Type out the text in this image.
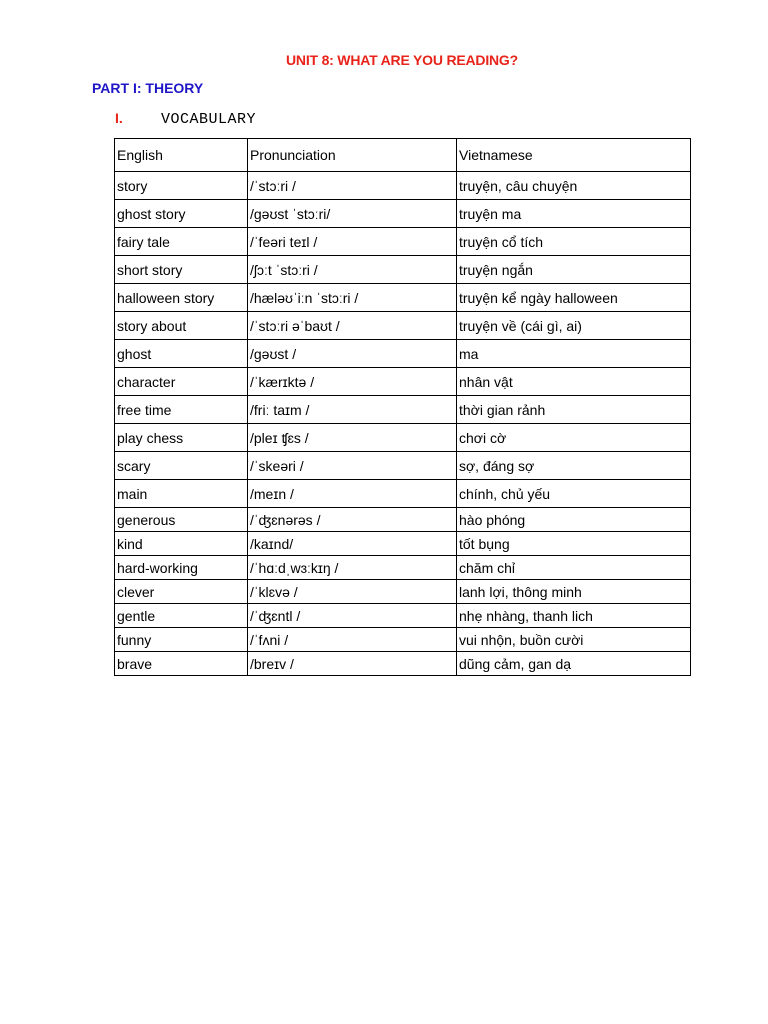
UNIT 8: WHAT ARE YOU READING?
PART I: THEORY
I.	VOCABULARY
English	Pronunciation	Vietnamese
story	/ˈstɔːri /	truyện, câu chuyện
ghost story	/gəʊst ˈstɔːri/	truyện ma
fairy tale	/ˈfeəri teɪl /	truyện cổ tích
short story	/ʃɔːt ˈstɔːri /	truyện ngắn
halloween story	/hæləʊˈiːn ˈstɔːri /	truyện kể ngày halloween
story about	/ˈstɔːri əˈbaʊt /	truyện về (cái gì, ai)
ghost	/gəʊst /	ma
character	/ˈkærɪktə /	nhân vật
free time	/friː taɪm /	thời gian rảnh
play chess	/pleɪ ʧɛs /	chơi cờ
scary	/ˈskeəri /	sợ, đáng sợ
main	/meɪn /	chính, chủ yếu
generous	/ˈʤɛnərəs /	hào phóng
kind	/kaɪnd/	tốt bụng
hard-working	/ˈhɑːdˌwɜːkɪŋ /	chăm chỉ
clever	/ˈklɛvə /	lanh lợi, thông minh
gentle	/ˈʤɛntl /	nhẹ nhàng, thanh lich
funny	/ˈfʌni /	vui nhộn, buồn cười
brave	/breɪv /	dũng cảm, gan dạ
